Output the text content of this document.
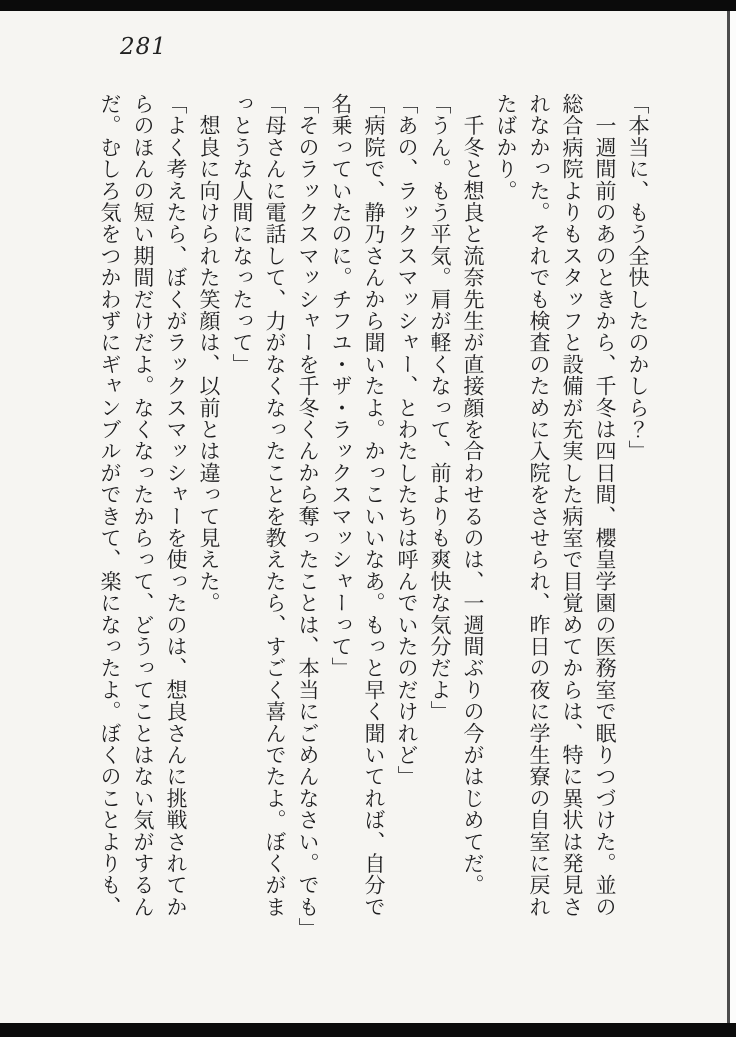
281

「本当に、もう全快したのかしら？」

　一週間前のあのときから、千冬は四日間、櫻皇学園の医務室で眠りつづけた。並の

総合病院よりもスタッフと設備が充実した病室で目覚めてからは、特に異状は発見さ

れなかった。それでも検査のために入院をさせられ、昨日の夜に学生寮の自室に戻れ

たばかり。

　千冬と想良と流奈先生が直接顔を合わせるのは、一週間ぶりの今がはじめてだ。

「うん。もう平気。肩が軽くなって、前よりも爽快な気分だよ」

「あの、ラックスマッシャー、とわたしたちは呼んでいたのだけれど」

「病院で、静乃さんから聞いたよ。かっこいいなあ。もっと早く聞いてれば、自分で

名乗っていたのに。チフユ・ザ・ラックスマッシャーって」

「そのラックスマッシャーを千冬くんから奪ったことは、本当にごめんなさい。でも」

「母さんに電話して、力がなくなったことを教えたら、すごく喜んでたよ。ぼくがま

っとうな人間になったって」

　想良に向けられた笑顔は、以前とは違って見えた。

「よく考えたら、ぼくがラックスマッシャーを使ったのは、想良さんに挑戦されてか

らのほんの短い期間だけだよ。なくなったからって、どうってことはない気がするん

だ。むしろ気をつかわずにギャンブルができて、楽になったよ。ぼくのことよりも、
